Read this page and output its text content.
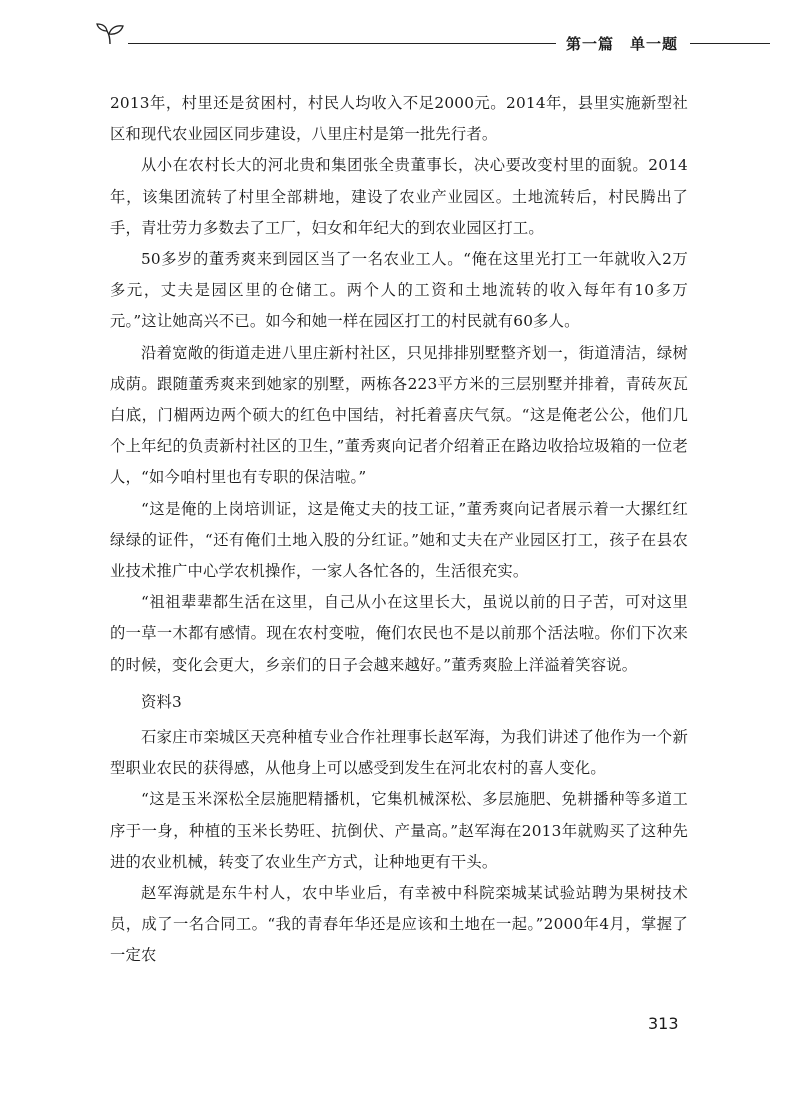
第一篇　单一题

2013年，村里还是贫困村，村民人均收入不足2000元。2014年，县里实施新型社区和现代农业园区同步建设，八里庄村是第一批先行者。

从小在农村长大的河北贵和集团张全贵董事长，决心要改变村里的面貌。2014年，该集团流转了村里全部耕地，建设了农业产业园区。土地流转后，村民腾出了手，青壮劳力多数去了工厂，妇女和年纪大的到农业园区打工。

50多岁的董秀爽来到园区当了一名农业工人。“俺在这里光打工一年就收入2万多元，丈夫是园区里的仓储工。两个人的工资和土地流转的收入每年有10多万元。”这让她高兴不已。如今和她一样在园区打工的村民就有60多人。

沿着宽敞的街道走进八里庄新村社区，只见排排别墅整齐划一，街道清洁，绿树成荫。跟随董秀爽来到她家的别墅，两栋各223平方米的三层别墅并排着，青砖灰瓦白底，门楣两边两个硕大的红色中国结，衬托着喜庆气氛。“这是俺老公公，他们几个上年纪的负责新村社区的卫生，”董秀爽向记者介绍着正在路边收拾垃圾箱的一位老人，“如今咱村里也有专职的保洁啦。”

“这是俺的上岗培训证，这是俺丈夫的技工证，”董秀爽向记者展示着一大摞红红绿绿的证件，“还有俺们土地入股的分红证。”她和丈夫在产业园区打工，孩子在县农业技术推广中心学农机操作，一家人各忙各的，生活很充实。

“祖祖辈辈都生活在这里，自己从小在这里长大，虽说以前的日子苦，可对这里的一草一木都有感情。现在农村变啦，俺们农民也不是以前那个活法啦。你们下次来的时候，变化会更大，乡亲们的日子会越来越好。”董秀爽脸上洋溢着笑容说。

资料3

石家庄市栾城区天亮种植专业合作社理事长赵军海，为我们讲述了他作为一个新型职业农民的获得感，从他身上可以感受到发生在河北农村的喜人变化。

“这是玉米深松全层施肥精播机，它集机械深松、多层施肥、免耕播种等多道工序于一身，种植的玉米长势旺、抗倒伏、产量高。”赵军海在2013年就购买了这种先进的农业机械，转变了农业生产方式，让种地更有干头。

赵军海就是东牛村人，农中毕业后，有幸被中科院栾城某试验站聘为果树技术员，成了一名合同工。“我的青春年华还是应该和土地在一起。”2000年4月，掌握了一定农

313
